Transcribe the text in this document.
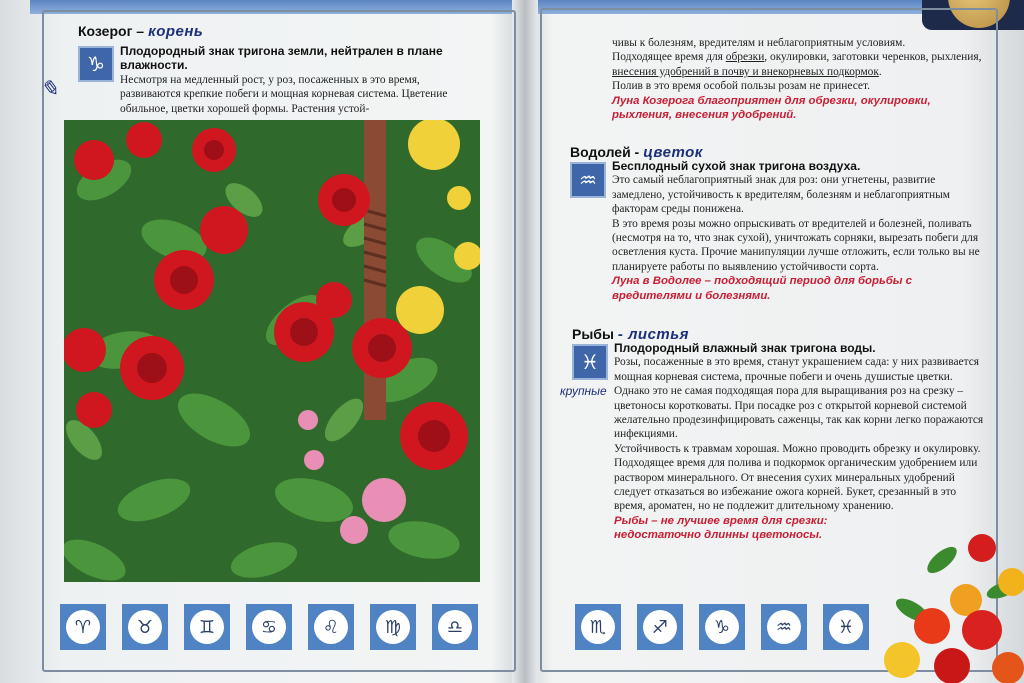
✎
Козерог – корень
♑

Плодородный знак тригона земли, нейтрален в плане влажности.

Несмотря на медленный рост, у роз, посаженных в это время, развиваются крепкие побеги и мощная корневая система. Цветение обильное, цветки хорошей формы. Растения устой-

♈	♉	♊	♋	♌	♍	♎

чивы к болезням, вредителям и неблагоприятным условиям.

Подходящее время для обрезки, окулировки, заготовки черенков, рыхления, внесения удобрений в почву и внекорневых подкормок.

Полив в это время особой пользы розам не принесет.

Луна Козерога благоприятен для обрезки, окулировки, рыхления, внесения удобрений.

Водолей - цветок
♒

Бесплодный сухой знак тригона воздуха.

Это самый неблагоприятный знак для роз: они угнетены, развитие замедлено, устойчивость к вредителям, болезням и неблагоприятным факторам среды понижена.

В это время розы можно опрыскивать от вредителей и болезней, поливать (несмотря на то, что знак сухой), уничтожать сорняки, вырезать побеги для осветления куста. Прочие манипуляции лучше отложить, если только вы не планируете работы по выявлению устойчивости сорта.

Луна в Водолее – подходящий период для борьбы с вредителями и болезнями.

Рыбы - листья
♓
крупные

Плодородный влажный знак тригона воды.

Розы, посаженные в это время, станут украшением сада: у них развивается мощная корневая система, прочные побеги и очень душистые цветки. Однако это не самая подходящая пора для выращивания роз на срезку – цветоносы коротковаты. При посадке роз с открытой корневой системой желательно продезинфицировать саженцы, так как корни легко поражаются инфекциями.

Устойчивость к травмам хорошая. Можно проводить обрезку и окулировку.

Подходящее время для полива и подкормок органическим удобрением или раствором минерального. От внесения сухих минеральных удобрений следует отказаться во избежание ожога корней. Букет, срезанный в это время, ароматен, но не подлежит длительному хранению.

Рыбы – не лучшее время для срезки: недостаточно длинны цветоносы.

♏	♐	♑	♒	♓
